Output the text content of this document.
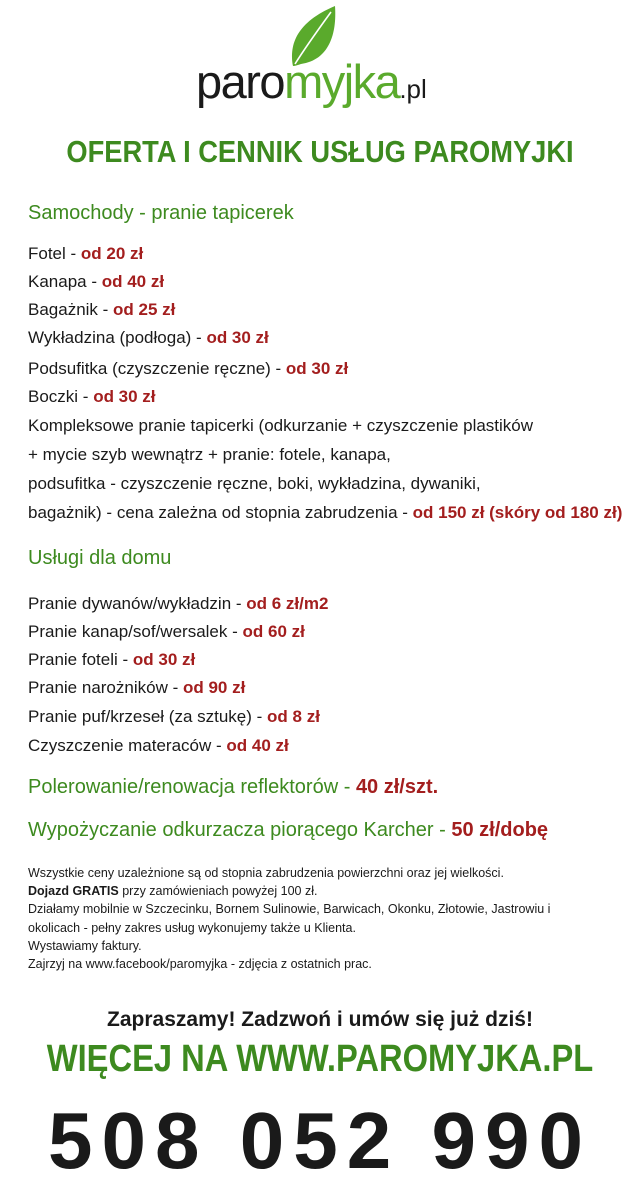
paromyjka.pl
OFERTA I CENNIK USŁUG PAROMYJKI
Samochody - pranie tapicerek
Fotel - od 20 zł
Kanapa - od 40 zł
Bagażnik - od 25 zł
Wykładzina (podłoga) - od 30 zł
Podsufitka (czyszczenie ręczne) - od 30 zł
Boczki - od 30 zł
Kompleksowe pranie tapicerki (odkurzanie + czyszczenie plastików
+ mycie szyb wewnątrz + pranie: fotele, kanapa,
podsufitka - czyszczenie ręczne, boki, wykładzina, dywaniki,
bagażnik) - cena zależna od stopnia zabrudzenia - od 150 zł (skóry od 180 zł)
Usługi dla domu
Pranie dywanów/wykładzin - od 6 zł/m2
Pranie kanap/sof/wersalek - od 60 zł
Pranie foteli - od 30 zł
Pranie narożników - od 90 zł
Pranie puf/krzeseł (za sztukę) - od 8 zł
Czyszczenie materaców - od 40 zł
Polerowanie/renowacja reflektorów - 40 zł/szt.
Wypożyczanie odkurzacza piorącego Karcher - 50 zł/dobę
Wszystkie ceny uzależnione są od stopnia zabrudzenia powierzchni oraz jej wielkości.
Dojazd GRATIS przy zamówieniach powyżej 100 zł.
Działamy mobilnie w Szczecinku, Bornem Sulinowie, Barwicach, Okonku, Złotowie, Jastrowiu i
okolicach - pełny zakres usług wykonujemy także u Klienta.
Wystawiamy faktury.
Zajrzyj na www.facebook/paromyjka - zdjęcia z ostatnich prac.
Zapraszamy! Zadzwoń i umów się już dziś!
WIĘCEJ NA WWW.PAROMYJKA.PL
508 052 990
